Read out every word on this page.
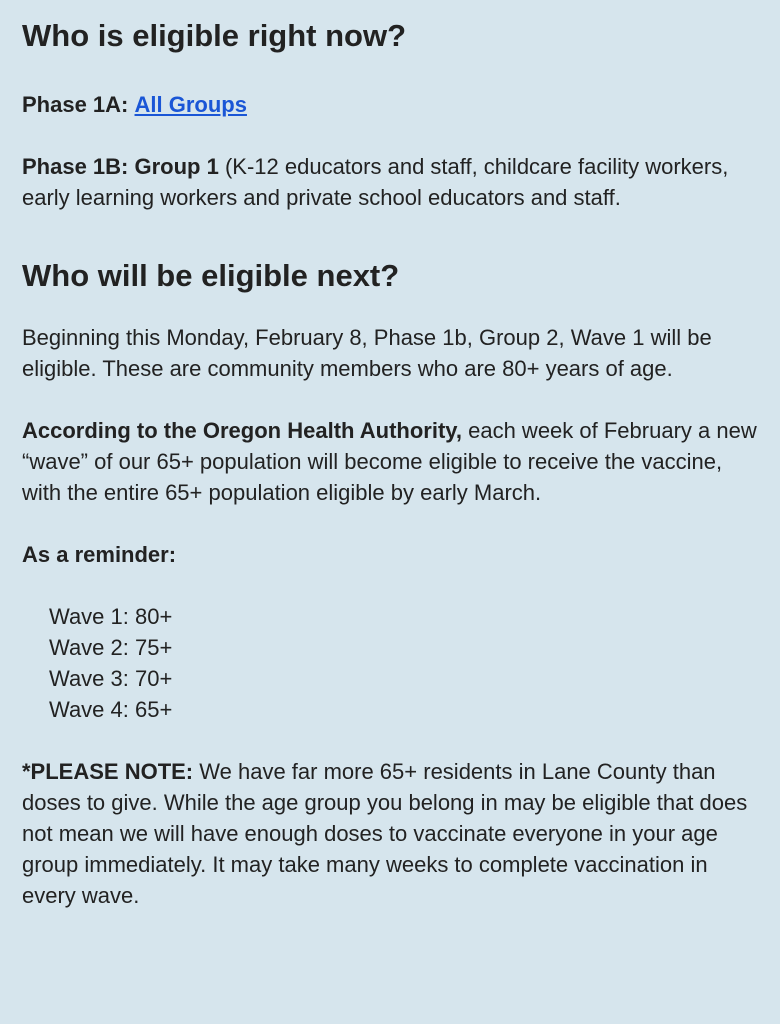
Who is eligible right now?

Phase 1A: All Groups

Phase 1B: Group 1 (K-12 educators and staff, childcare facility workers, early learning workers and private school educators and staff.

Who will be eligible next?

Beginning this Monday, February 8, Phase 1b, Group 2, Wave 1 will be eligible. These are community members who are 80+ years of age.

According to the Oregon Health Authority, each week of February a new “wave” of our 65+ population will become eligible to receive the vaccine, with the entire 65+ population eligible by early March.

As a reminder:

Wave 1: 80+
Wave 2: 75+
Wave 3: 70+
Wave 4: 65+

*PLEASE NOTE: We have far more 65+ residents in Lane County than doses to give. While the age group you belong in may be eligible that does not mean we will have enough doses to vaccinate everyone in your age group immediately. It may take many weeks to complete vaccination in every wave.
